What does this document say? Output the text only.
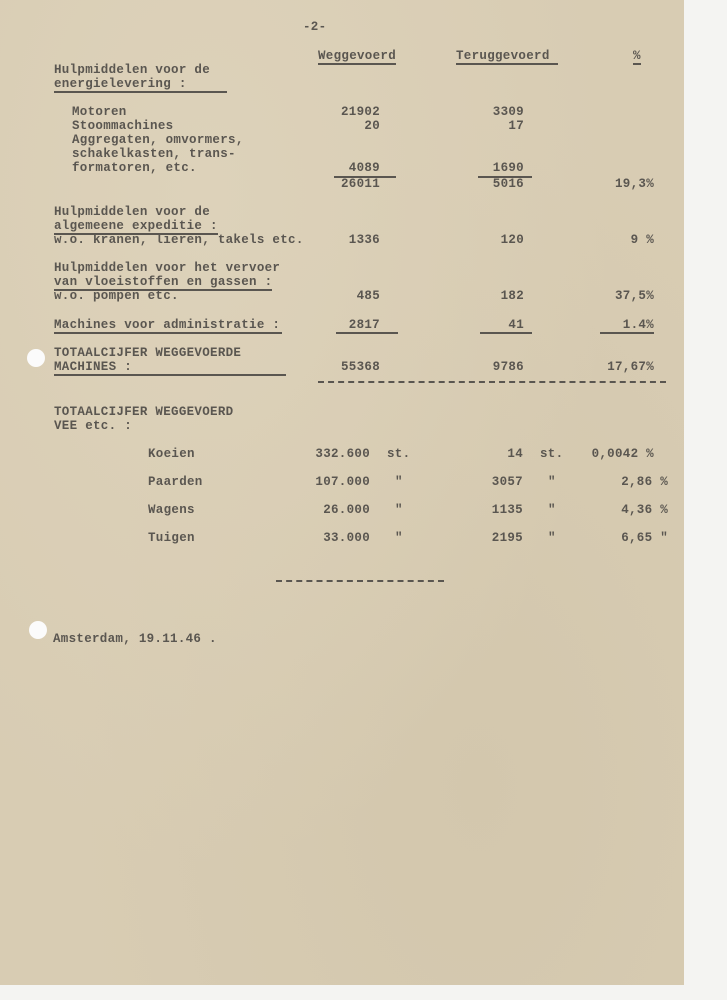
-2-
Weggevoerd	Teruggevoerd	%
Hulpmiddelen voor de
energielevering :
Motoren	21902	3309
Stoommachines	20	17
Aggregaten, omvormers,
schakelkasten, trans-
formatoren, etc.	4089	1690
26011	5016	19,3%
Hulpmiddelen voor de
algemeene expeditie :
w.o. kranen, lieren, takels etc.	1336	120	9 %
Hulpmiddelen voor het vervoer
van vloeistoffen en gassen :
w.o. pompen etc.	485	182	37,5%
Machines voor administratie :	2817	41	1.4%
TOTAALCIJFER WEGGEVOERDE
MACHINES :	55368	9786	17,67%
TOTAALCIJFER WEGGEVOERD
VEE etc. :
Koeien	332.600 st.	14 st.	0,0042 %
Paarden	107.000 "	3057 "	2,86 %
Wagens	26.000 "	1135 "	4,36 %
Tuigen	33.000 "	2195 "	6,65 "
Amsterdam, 19.11.46 .
